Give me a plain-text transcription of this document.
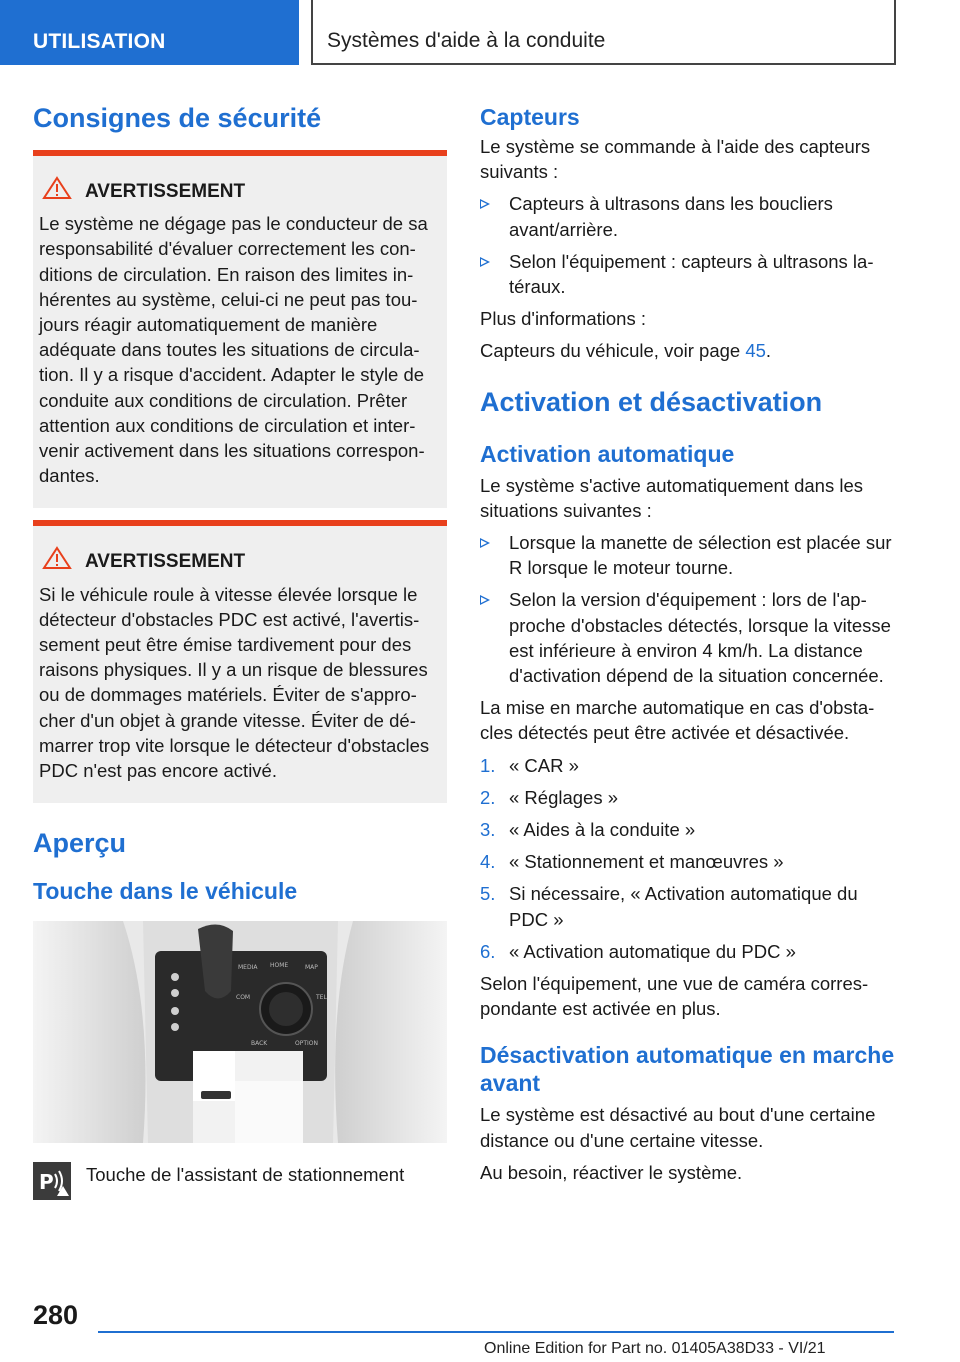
UTILISATION	Systèmes d'aide à la conduite
Consignes de sécurité
AVERTISSEMENT

Le système ne dégage pas le conducteur de sa responsabilité d'évaluer correctement les conditions de circulation. En raison des limites inhérentes au système, celui-ci ne peut pas toujours réagir automatiquement de manière adéquate dans toutes les situations de circulation. Il y a risque d'accident. Adapter le style de conduite aux conditions de circulation. Prêter attention aux conditions de circulation et intervenir activement dans les situations correspondantes.

AVERTISSEMENT

Si le véhicule roule à vitesse élevée lorsque le détecteur d'obstacles PDC est activé, l'avertissement peut être émise tardivement pour des raisons physiques. Il y a un risque de blessures ou de dommages matériels. Éviter de s'approcher d'un objet à grande vitesse. Éviter de démarrer trop vite lorsque le détecteur d'obstacles PDC n'est pas encore activé.

Aperçu
Touche dans le véhicule
MEDIA HOME	MAP
COM
BACK	OPTION
TEL
P Touche de l'assistant de stationnement
Capteurs

Le système se commande à l'aide des capteurs suivants :

Capteurs à ultrasons dans les boucliers avant/arrière.
Selon l'équipement : capteurs à ultrasons latéraux.

Plus d'informations :

Capteurs du véhicule, voir page 45.

Activation et désactivation
Activation automatique

Le système s'active automatiquement dans les situations suivantes :

Lorsque la manette de sélection est placée sur R lorsque le moteur tourne.
Selon la version d'équipement : lors de l'approche d'obstacles détectés, lorsque la vitesse est inférieure à environ 4 km/h. La distance d'activation dépend de la situation concernée.

La mise en marche automatique en cas d'obstacles détectés peut être activée et désactivée.

1. « CAR »
2. « Réglages »
3. « Aides à la conduite »
4. « Stationnement et manœuvres »
5. Si nécessaire, « Activation automatique du PDC »
6. « Activation automatique du PDC »

Selon l'équipement, une vue de caméra correspondante est activée en plus.

Désactivation automatique en marche avant

Le système est désactivé au bout d'une certaine distance ou d'une certaine vitesse.

Au besoin, réactiver le système.

280
Online Edition for Part no. 01405A38D33 - VI/21
